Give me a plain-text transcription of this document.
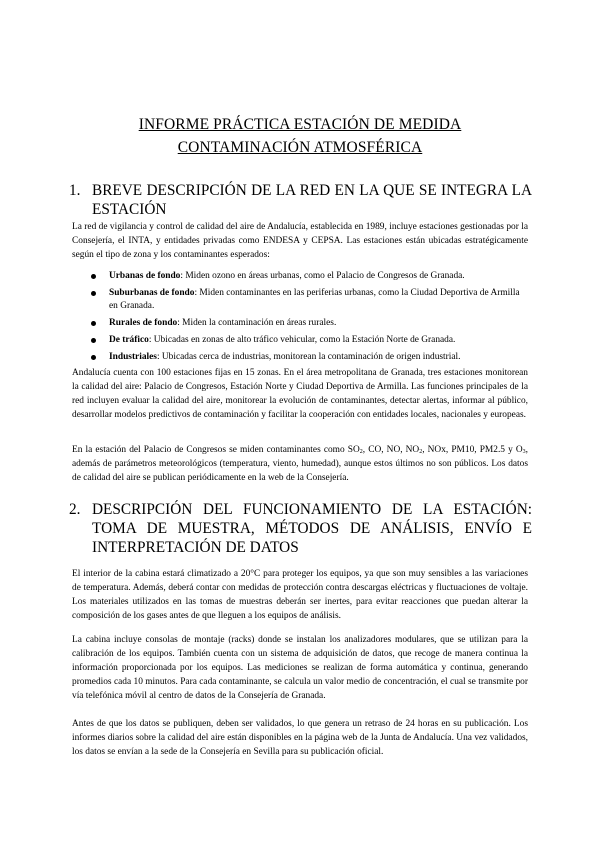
INFORME PRÁCTICA ESTACIÓN DE MEDIDA
CONTAMINACIÓN ATMOSFÉRICA
1. BREVE DESCRIPCIÓN DE LA RED EN LA QUE SE INTEGRA LA ESTACIÓN
La red de vigilancia y control de calidad del aire de Andalucía, establecida en 1989, incluye estaciones gestionadas por la Consejería, el INTA, y entidades privadas como ENDESA y CEPSA. Las estaciones están ubicadas estratégicamente según el tipo de zona y los contaminantes esperados:
Urbanas de fondo: Miden ozono en áreas urbanas, como el Palacio de Congresos de Granada.
Suburbanas de fondo: Miden contaminantes en las periferias urbanas, como la Ciudad Deportiva de Armilla en Granada.
Rurales de fondo: Miden la contaminación en áreas rurales.
De tráfico: Ubicadas en zonas de alto tráfico vehicular, como la Estación Norte de Granada.
Industriales: Ubicadas cerca de industrias, monitorean la contaminación de origen industrial.
Andalucía cuenta con 100 estaciones fijas en 15 zonas. En el área metropolitana de Granada, tres estaciones monitorean la calidad del aire: Palacio de Congresos, Estación Norte y Ciudad Deportiva de Armilla. Las funciones principales de la red incluyen evaluar la calidad del aire, monitorear la evolución de contaminantes, detectar alertas, informar al público, desarrollar modelos predictivos de contaminación y facilitar la cooperación con entidades locales, nacionales y europeas.
En la estación del Palacio de Congresos se miden contaminantes como $SO_2$, CO, NO, $NO_2$, NOx, PM10, PM2.5 y $O_3$, además de parámetros meteorológicos (temperatura, viento, humedad), aunque estos últimos no son públicos. Los datos de calidad del aire se publican periódicamente en la web de la Consejería.
2. DESCRIPCIÓN DEL FUNCIONAMIENTO DE LA ESTACIÓN: TOMA DE MUESTRA, MÉTODOS DE ANÁLISIS, ENVÍO E INTERPRETACIÓN DE DATOS
El interior de la cabina estará climatizado a 20°C para proteger los equipos, ya que son muy sensibles a las variaciones de temperatura. Además, deberá contar con medidas de protección contra descargas eléctricas y fluctuaciones de voltaje. Los materiales utilizados en las tomas de muestras deberán ser inertes, para evitar reacciones que puedan alterar la composición de los gases antes de que lleguen a los equipos de análisis.
La cabina incluye consolas de montaje (racks) donde se instalan los analizadores modulares, que se utilizan para la calibración de los equipos. También cuenta con un sistema de adquisición de datos, que recoge de manera continua la información proporcionada por los equipos. Las mediciones se realizan de forma automática y continua, generando promedios cada 10 minutos. Para cada contaminante, se calcula un valor medio de concentración, el cual se transmite por vía telefónica móvil al centro de datos de la Consejería de Granada.
Antes de que los datos se publiquen, deben ser validados, lo que genera un retraso de 24 horas en su publicación. Los informes diarios sobre la calidad del aire están disponibles en la página web de la Junta de Andalucía. Una vez validados, los datos se envían a la sede de la Consejería en Sevilla para su publicación oficial.
